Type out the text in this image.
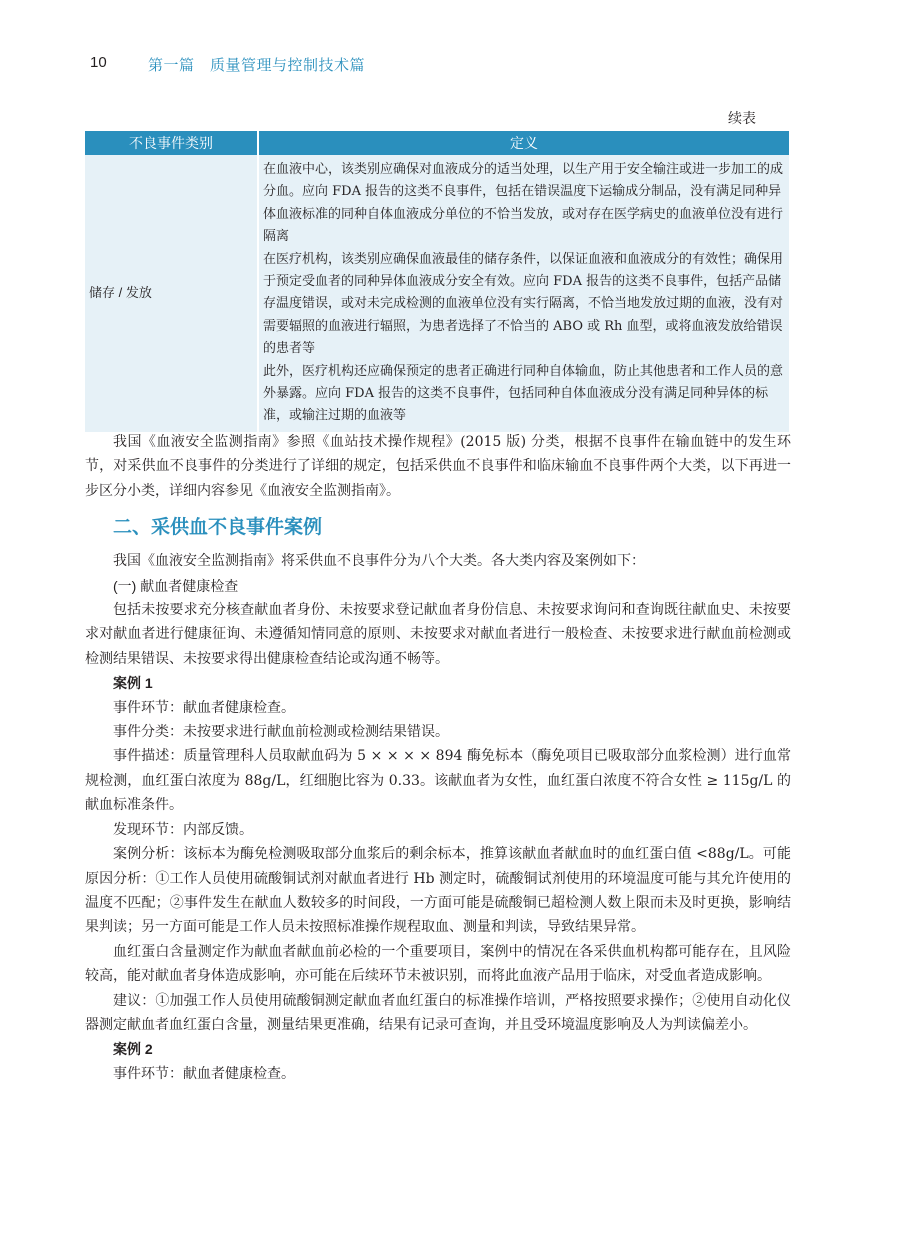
10	第一篇　质量管理与控制技术篇
续表
不良事件类别	定义
储存 / 发放	在血液中心，该类别应确保对血液成分的适当处理，以生产用于安全输注或进一步加工的成分血。应向 FDA 报告的这类不良事件，包括在错误温度下运输成分制品，没有满足同种异体血液标准的同种自体血液成分单位的不恰当发放，或对存在医学病史的血液单位没有进行隔离

在医疗机构，该类别应确保血液最佳的储存条件，以保证血液和血液成分的有效性；确保用于预定受血者的同种异体血液成分安全有效。应向 FDA 报告的这类不良事件，包括产品储存温度错误，或对未完成检测的血液单位没有实行隔离，不恰当地发放过期的血液，没有对需要辐照的血液进行辐照，为患者选择了不恰当的 ABO 或 Rh 血型，或将血液发放给错误的患者等

此外，医疗机构还应确保预定的患者正确进行同种自体输血，防止其他患者和工作人员的意外暴露。应向 FDA 报告的这类不良事件，包括同种自体血液成分没有满足同种异体的标准，或输注过期的血液等

我国《血液安全监测指南》参照《血站技术操作规程》(2015 版) 分类，根据不良事件在输血链中的发生环节，对采供血不良事件的分类进行了详细的规定，包括采供血不良事件和临床输血不良事件两个大类，以下再进一步区分小类，详细内容参见《血液安全监测指南》。

二、采供血不良事件案例

我国《血液安全监测指南》将采供血不良事件分为八个大类。各大类内容及案例如下：

(一) 献血者健康检查

包括未按要求充分核查献血者身份、未按要求登记献血者身份信息、未按要求询问和查询既往献血史、未按要求对献血者进行健康征询、未遵循知情同意的原则、未按要求对献血者进行一般检查、未按要求进行献血前检测或检测结果错误、未按要求得出健康检查结论或沟通不畅等。

案例 1

事件环节：献血者健康检查。

事件分类：未按要求进行献血前检测或检测结果错误。

事件描述：质量管理科人员取献血码为 5 × × × × 894 酶免标本（酶免项目已吸取部分血浆检测）进行血常规检测，血红蛋白浓度为 88g/L，红细胞比容为 0.33。该献血者为女性，血红蛋白浓度不符合女性 ≥ 115g/L 的献血标准条件。

发现环节：内部反馈。

案例分析：该标本为酶免检测吸取部分血浆后的剩余标本，推算该献血者献血时的血红蛋白值 <88g/L。可能原因分析：①工作人员使用硫酸铜试剂对献血者进行 Hb 测定时，硫酸铜试剂使用的环境温度可能与其允许使用的温度不匹配；②事件发生在献血人数较多的时间段，一方面可能是硫酸铜已超检测人数上限而未及时更换，影响结果判读；另一方面可能是工作人员未按照标准操作规程取血、测量和判读，导致结果异常。

血红蛋白含量测定作为献血者献血前必检的一个重要项目，案例中的情况在各采供血机构都可能存在，且风险较高，能对献血者身体造成影响，亦可能在后续环节未被识别，而将此血液产品用于临床，对受血者造成影响。

建议：①加强工作人员使用硫酸铜测定献血者血红蛋白的标准操作培训，严格按照要求操作；②使用自动化仪器测定献血者血红蛋白含量，测量结果更准确，结果有记录可查询，并且受环境温度影响及人为判读偏差小。

案例 2

事件环节：献血者健康检查。
